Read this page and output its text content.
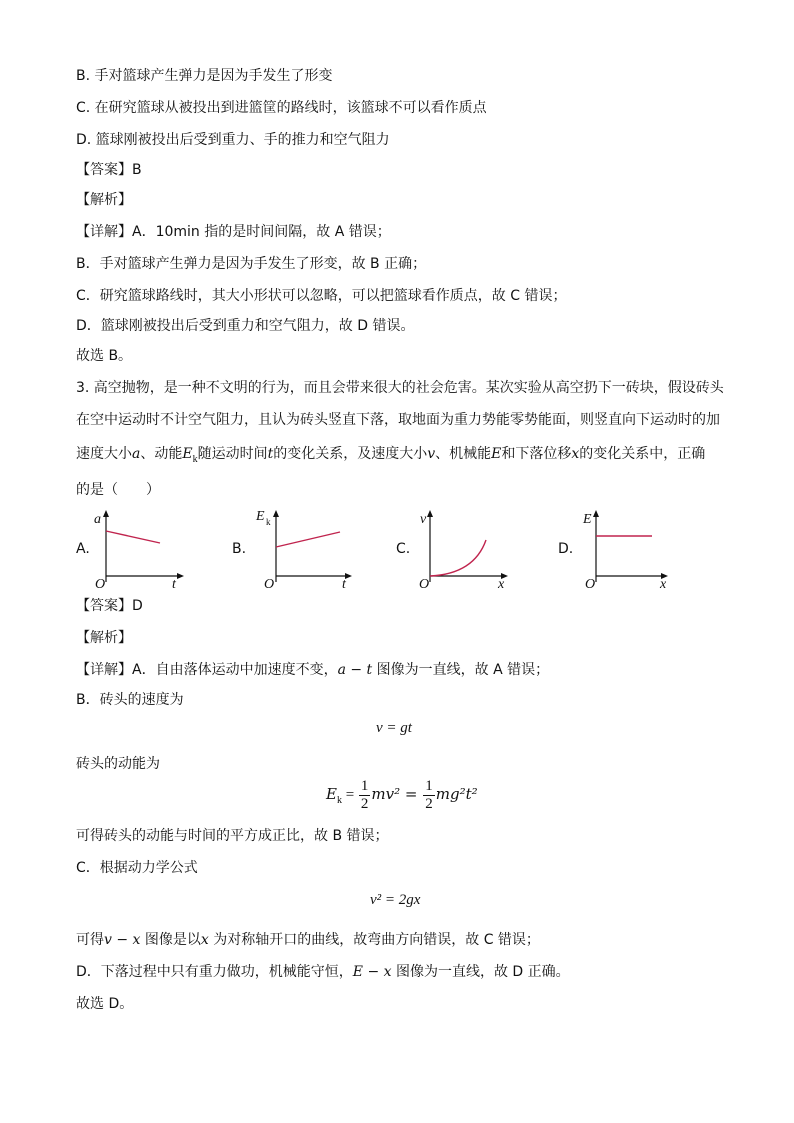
B. 手对篮球产生弹力是因为手发生了形变
C. 在研究篮球从被投出到进篮筐的路线时，该篮球不可以看作质点
D. 篮球刚被投出后受到重力、手的推力和空气阻力
【答案】B
【解析】
【详解】A．10min 指的是时间间隔，故 A 错误；
B．手对篮球产生弹力是因为手发生了形变，故 B 正确；
C．研究篮球路线时，其大小形状可以忽略，可以把篮球看作质点，故 C 错误；
D．篮球刚被投出后受到重力和空气阻力，故 D 错误。
故选 B。
3. 高空抛物，是一种不文明的行为，而且会带来很大的社会危害。某次实验从高空扔下一砖块，假设砖头
在空中运动时不计空气阻力，且认为砖头竖直下落，取地面为重力势能零势能面，则竖直向下运动时的加
速度大小a、动能$E_k$随运动时间t的变化关系，及速度大小v、机械能E和下落位移x的变化关系中，正确
的是（　　）
A.
a
t
O
B.
E k
t
O
C.
v
x
O
D.
E
x
O
【答案】D
【解析】
【详解】A．自由落体运动中加速度不变，a − t 图像为一直线，故 A 错误；
B．砖头的速度为
v = gt
砖头的动能为
$E_k = \frac{1}{2} mv^2 = \frac{1}{2} mg^2t^2$
可得砖头的动能与时间的平方成正比，故 B 错误；
C．根据动力学公式
v² = 2gx
可得v − x 图像是以x 为对称轴开口的曲线，故弯曲方向错误，故 C 错误；
D．下落过程中只有重力做功，机械能守恒，E − x 图像为一直线，故 D 正确。
故选 D。
